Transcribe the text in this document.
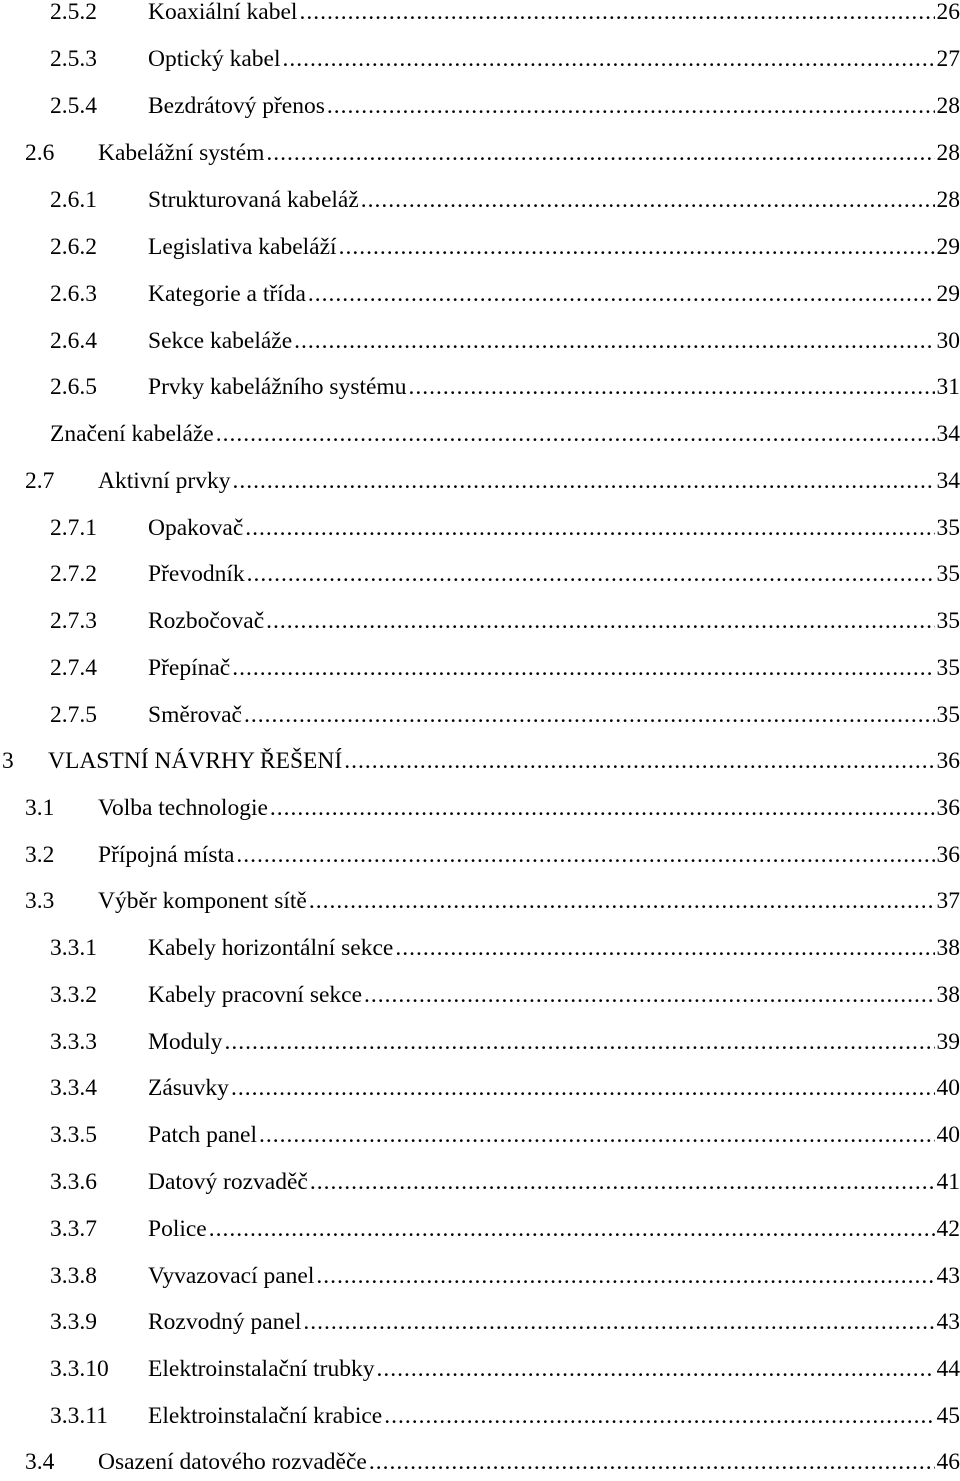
2.5.2	Koaxiální kabel .....	26
2.5.3	Optický kabel .....	27
2.5.4	Bezdrátový přenos .....	28
2.6	Kabelážní systém .....	28
2.6.1	Strukturovaná kabeláž .....	28
2.6.2	Legislativa kabeláží .....	29
2.6.3	Kategorie a třída .....	29
2.6.4	Sekce kabeláže .....	30
2.6.5	Prvky kabelážního systému .....	31
Značení kabeláže .....	34
2.7	Aktivní prvky .....	34
2.7.1	Opakovač .....	35
2.7.2	Převodník .....	35
2.7.3	Rozbočovač .....	35
2.7.4	Přepínač .....	35
2.7.5	Směrovač .....	35
3	VLASTNÍ NÁVRHY ŘEŠENÍ .....	36
3.1	Volba technologie .....	36
3.2	Přípojná místa .....	36
3.3	Výběr komponent sítě .....	37
3.3.1	Kabely horizontální sekce .....	38
3.3.2	Kabely pracovní sekce .....	38
3.3.3	Moduly .....	39
3.3.4	Zásuvky .....	40
3.3.5	Patch panel .....	40
3.3.6	Datový rozvaděč .....	41
3.3.7	Police .....	42
3.3.8	Vyvazovací panel .....	43
3.3.9	Rozvodný panel .....	43
3.3.10	Elektroinstalační trubky .....	44
3.3.11	Elektroinstalační krabice .....	45
3.4	Osazení datového rozvaděče .....	46
